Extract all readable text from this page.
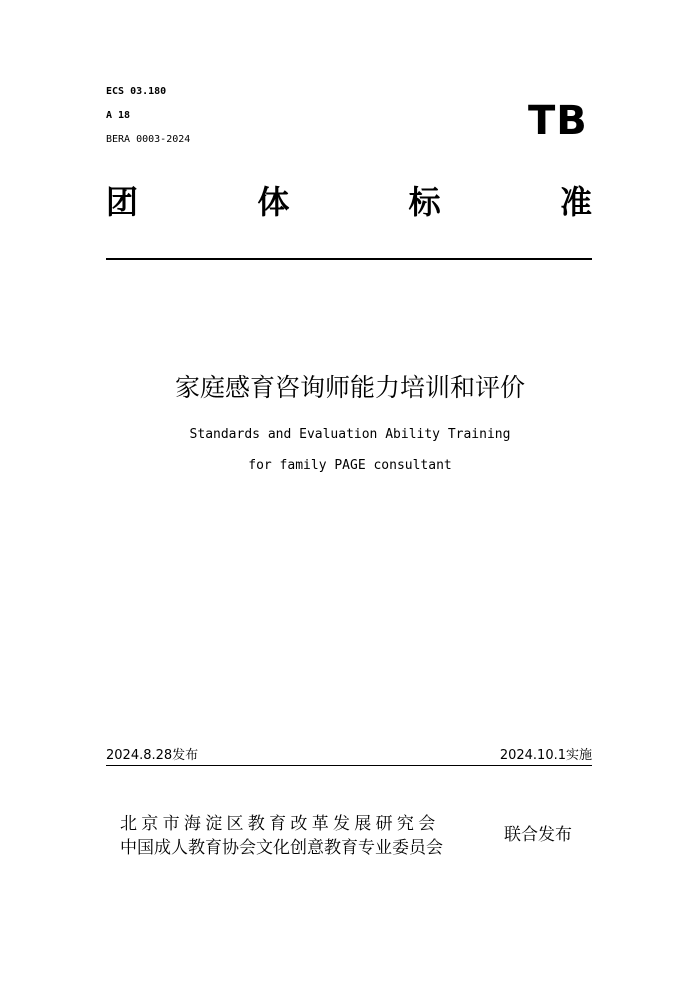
ECS 03.180
A 18
BERA 0003-2024	TB
团	体	标	准
家庭感育咨询师能力培训和评价
Standards and Evaluation Ability Training
for family PAGE consultant
2024.8.28发布	2024.10.1实施
北京市海淀区教育改革发展研究会
中国成人教育协会文化创意教育专业委员会
联合发布
